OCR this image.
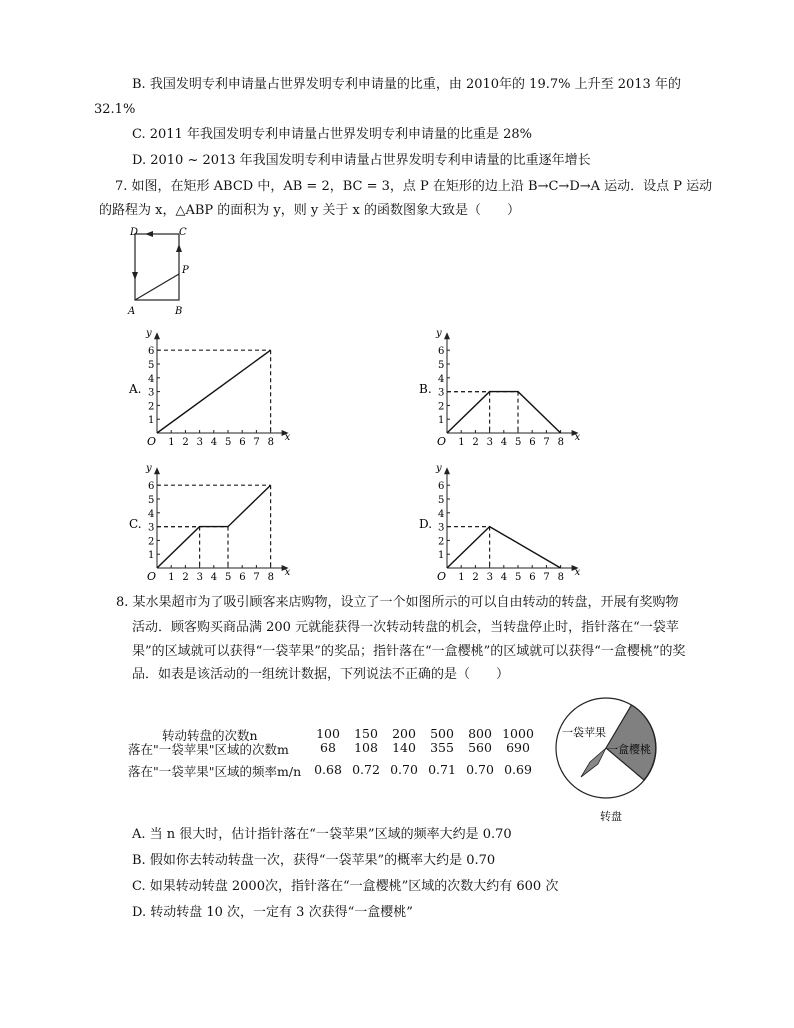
B. 我国发明专利申请量占世界发明专利申请量的比重，由 2010年的 19.7% 上升至 2013 年的
32.1%
C. 2011 年我国发明专利申请量占世界发明专利申请量的比重是 28%
D. 2010 ~ 2013 年我国发明专利申请量占世界发明专利申请量的比重逐年增长
7. 如图，在矩形 ABCD 中，AB = 2，BC = 3，点 P 在矩形的边上沿 B→C→D→A 运动．设点 P 运动
的路程为 x，△ABP 的面积为 y，则 y 关于 x 的函数图象大致是（　　）
A	B
C
D
P
A.
x
y
O 1 2 3 4 5 6 7 8
1
2
3
4
5
6
B.
x
y
O 1 2 3 4 5 6 7 8
1
2
3
4
5
6
C.
x
y
O 1 2 3 4 5 6 7 8
1
2
3
4
5
6
D.
x
y
O 1 2 3 4 5 6 7 8
1
2
3
4
5
6
8. 某水果超市为了吸引顾客来店购物，设立了一个如图所示的可以自由转动的转盘，开展有奖购物
活动．顾客购买商品满 200 元就能获得一次转动转盘的机会，当转盘停止时，指针落在“一袋苹
果”的区域就可以获得“一袋苹果”的奖品；指针落在“一盒樱桃”的区域就可以获得“一盒樱桃”的奖
品．如表是该活动的一组统计数据，下列说法不正确的是（　　）
转动转盘的次数n	100	150	200	500	800 1000
落在"一袋苹果"区域的次数m	68	108	140	355	560	690
落在"一袋苹果"区域的频率m/n	0.68 0.72 0.70 0.71 0.70 0.69
一袋苹果
一盒樱桃
转盘
A. 当 n 很大时，估计指针落在“一袋苹果”区域的频率大约是 0.70
B. 假如你去转动转盘一次，获得“一袋苹果”的概率大约是 0.70
C. 如果转动转盘 2000次，指针落在“一盒樱桃”区域的次数大约有 600 次
D. 转动转盘 10 次，一定有 3 次获得“一盒樱桃”
